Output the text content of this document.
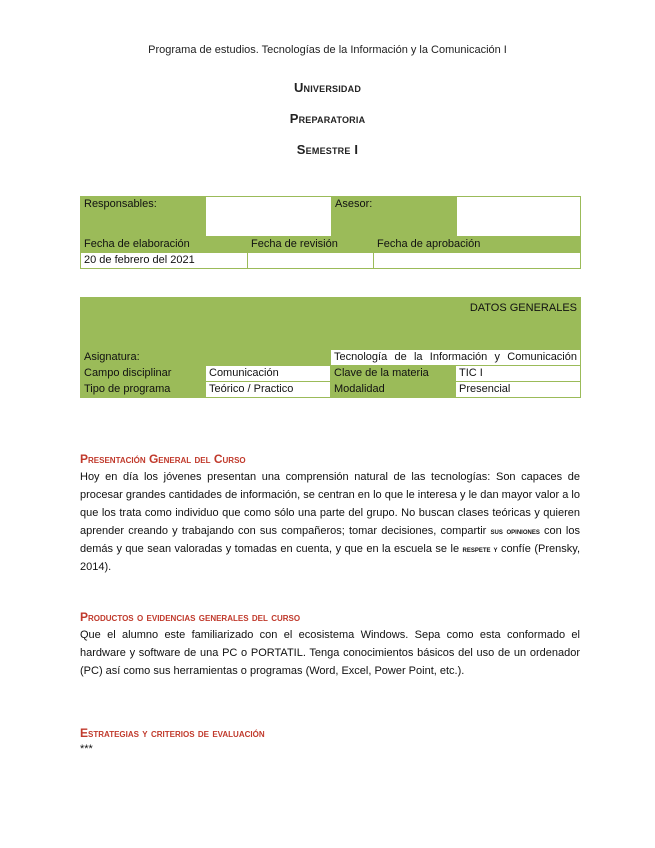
Programa de estudios. Tecnologías de la Información y la Comunicación I
Universidad
Preparatoria
Semestre I
Responsables:			Asesor:		
Fecha de elaboración		Fecha de revisión		Fecha de aprobación	
20 de febrero del 2021					
DATOS GENERALES			
Asignatura:		Tecnología de la Información y Comunicación	
Campo disciplinar	Comunicación	Clave de la materia	TIC I
Tipo de programa	Teórico / Practico	Modalidad	Presencial
Presentación General del Curso
Hoy en día los jóvenes presentan una comprensión natural de las tecnologías: Son capaces de procesar grandes cantidades de información, se centran en lo que le interesa y le dan mayor valor a lo que los trata como individuo que como sólo una parte del grupo. No buscan clases teóricas y quieren aprender creando y trabajando con sus compañeros; tomar decisiones, compartir sus opiniones con los demás y que sean valoradas y tomadas en cuenta, y que en la escuela se le respete y confíe (Prensky, 2014).
Productos o evidencias generales del curso
Que el alumno este familiarizado con el ecosistema Windows. Sepa como esta conformado el hardware y software de una PC o PORTATIL. Tenga conocimientos básicos del uso de un ordenador (PC) así como sus herramientas o programas (Word, Excel, Power Point, etc.).
Estrategias y criterios de evaluación
***
